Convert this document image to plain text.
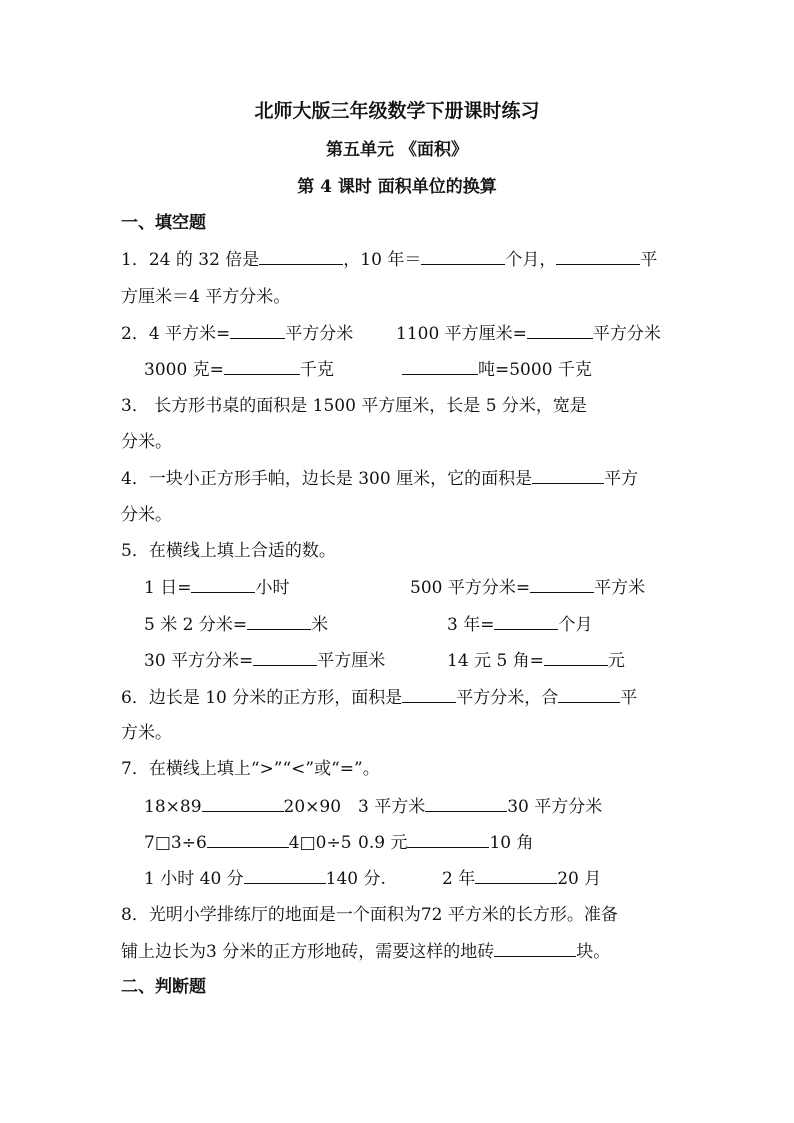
北师大版三年级数学下册课时练习
第五单元 《面积》
第 4 课时 面积单位的换算
一、填空题
1．24 的 32 倍是	，10 年＝	个月，	平
方厘米＝4 平方分米。
2．4 平方米=	平方分米	1100 平方厘米=	平方分米
3000 克=	千克	吨=5000 千克
3． 长方形书桌的面积是 1500 平方厘米，长是 5 分米，宽是
分米。
4．一块小正方形手帕，边长是 300 厘米，它的面积是	平方
分米。
5．在横线上填上合适的数。
1 日=	小时	500 平方分米=	平方米
5 米 2 分米=	米	3 年=	个月
30 平方分米=	平方厘米	14 元 5 角=	元
6．边长是 10 分米的正方形，面积是	平方分米，合	平
方米。
7．在横线上填上“>”“<”或“=”。
18×89	20×90 3 平方米	30 平方分米
7□3÷6	4□0÷5 0.9 元	10 角
1 小时 40 分	140 分.	2 年	20 月
8．光明小学排练厅的地面是一个面积为72 平方米的长方形。准备
铺上边长为3 分米的正方形地砖，需要这样的地砖	块。
二、判断题
